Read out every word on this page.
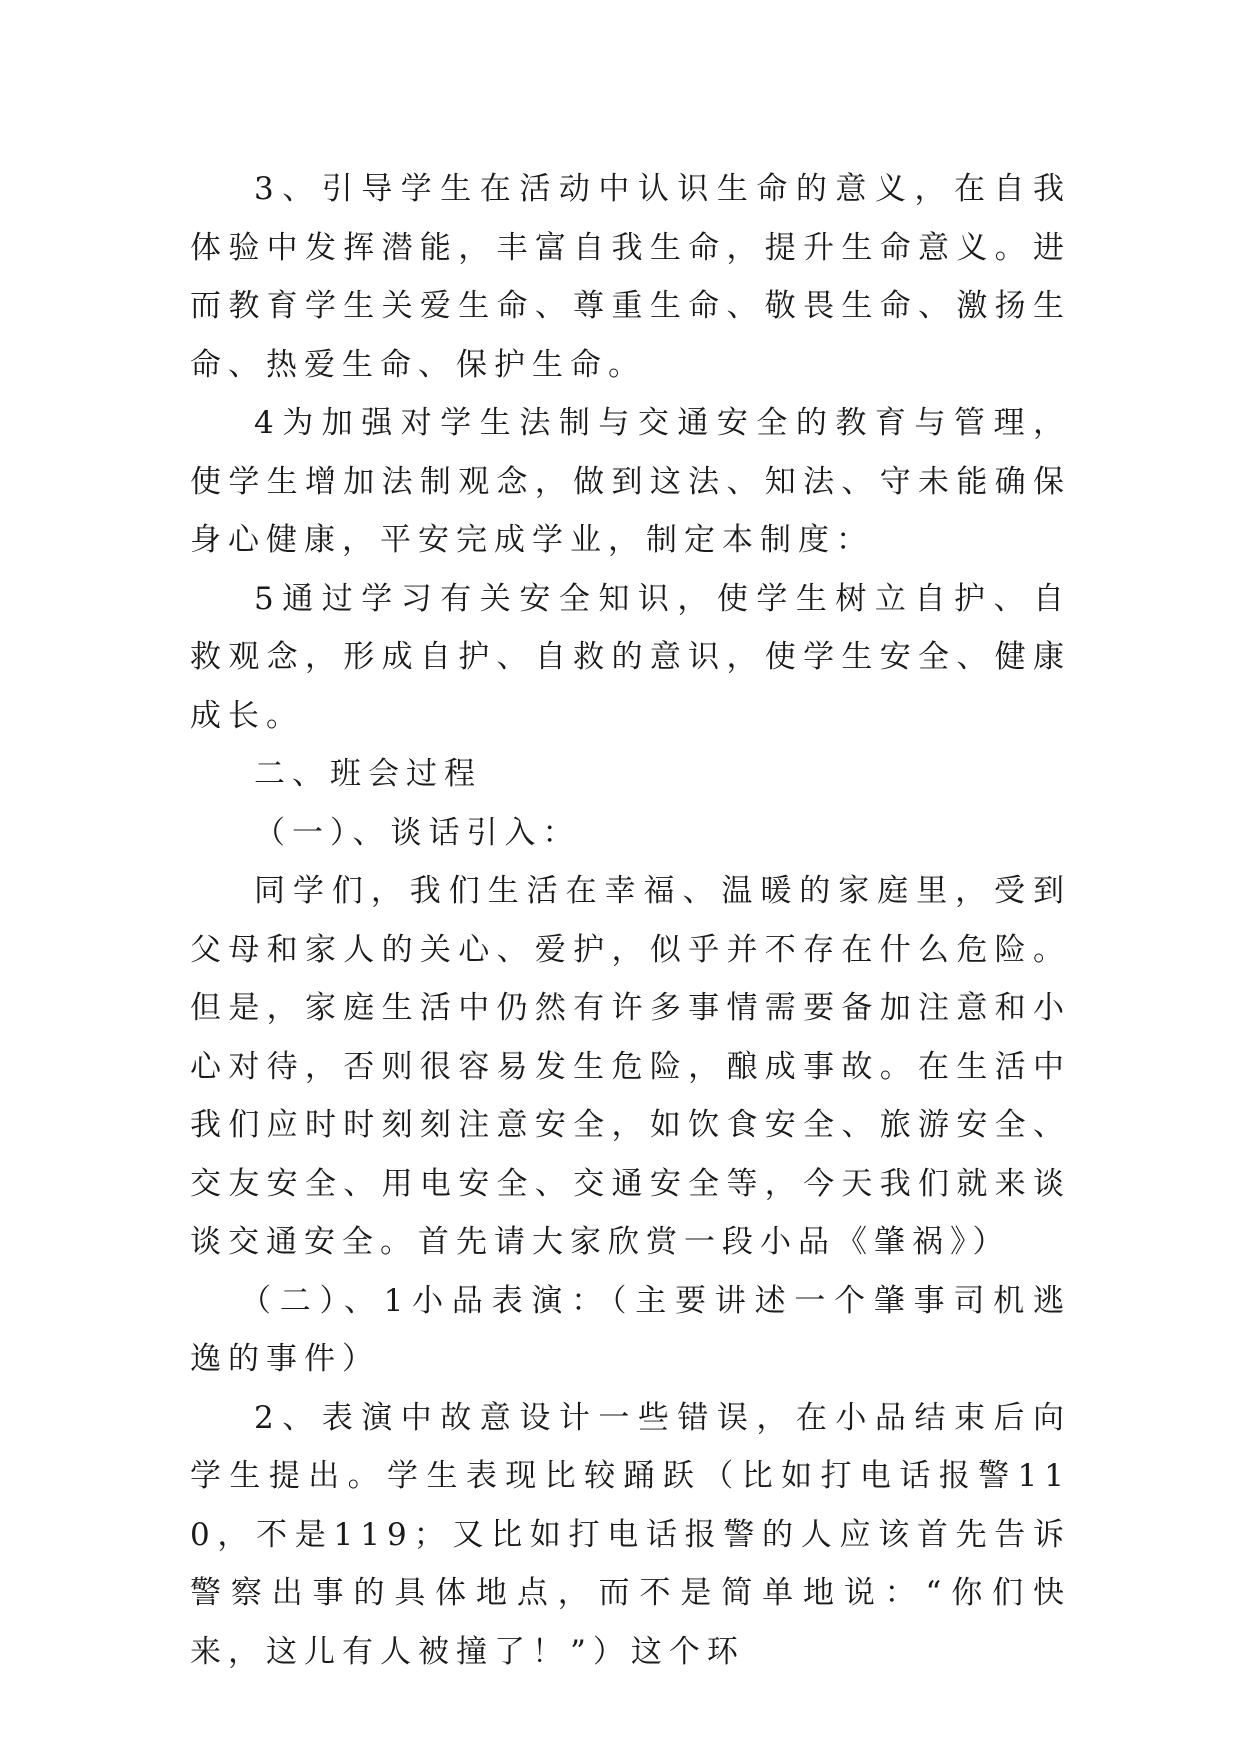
3、引导学生在活动中认识生命的意义，在自我体验中发挥潜能，丰富自我生命，提升生命意义。进而教育学生关爱生命、尊重生命、敬畏生命、激扬生命、热爱生命、保护生命。

4为加强对学生法制与交通安全的教育与管理，使学生增加法制观念，做到这法、知法、守未能确保身心健康，平安完成学业，制定本制度：

5通过学习有关安全知识，使学生树立自护、自救观念，形成自护、自救的意识，使学生安全、健康成长。

二、班会过程

（一）、谈话引入：

同学们，我们生活在幸福、温暖的家庭里，受到父母和家人的关心、爱护，似乎并不存在什么危险。但是，家庭生活中仍然有许多事情需要备加注意和小心对待，否则很容易发生危险，酿成事故。在生活中我们应时时刻刻注意安全，如饮食安全、旅游安全、交友安全、用电安全、交通安全等，今天我们就来谈谈交通安全。首先请大家欣赏一段小品《肇祸》）

（二）、1小品表演：（主要讲述一个肇事司机逃逸的事件）

2、表演中故意设计一些错误，在小品结束后向学生提出。学生表现比较踊跃（比如打电话报警110，不是119；又比如打电话报警的人应该首先告诉警察出事的具体地点，而不是简单地说：“你们快来，这儿有人被撞了！”）这个环
